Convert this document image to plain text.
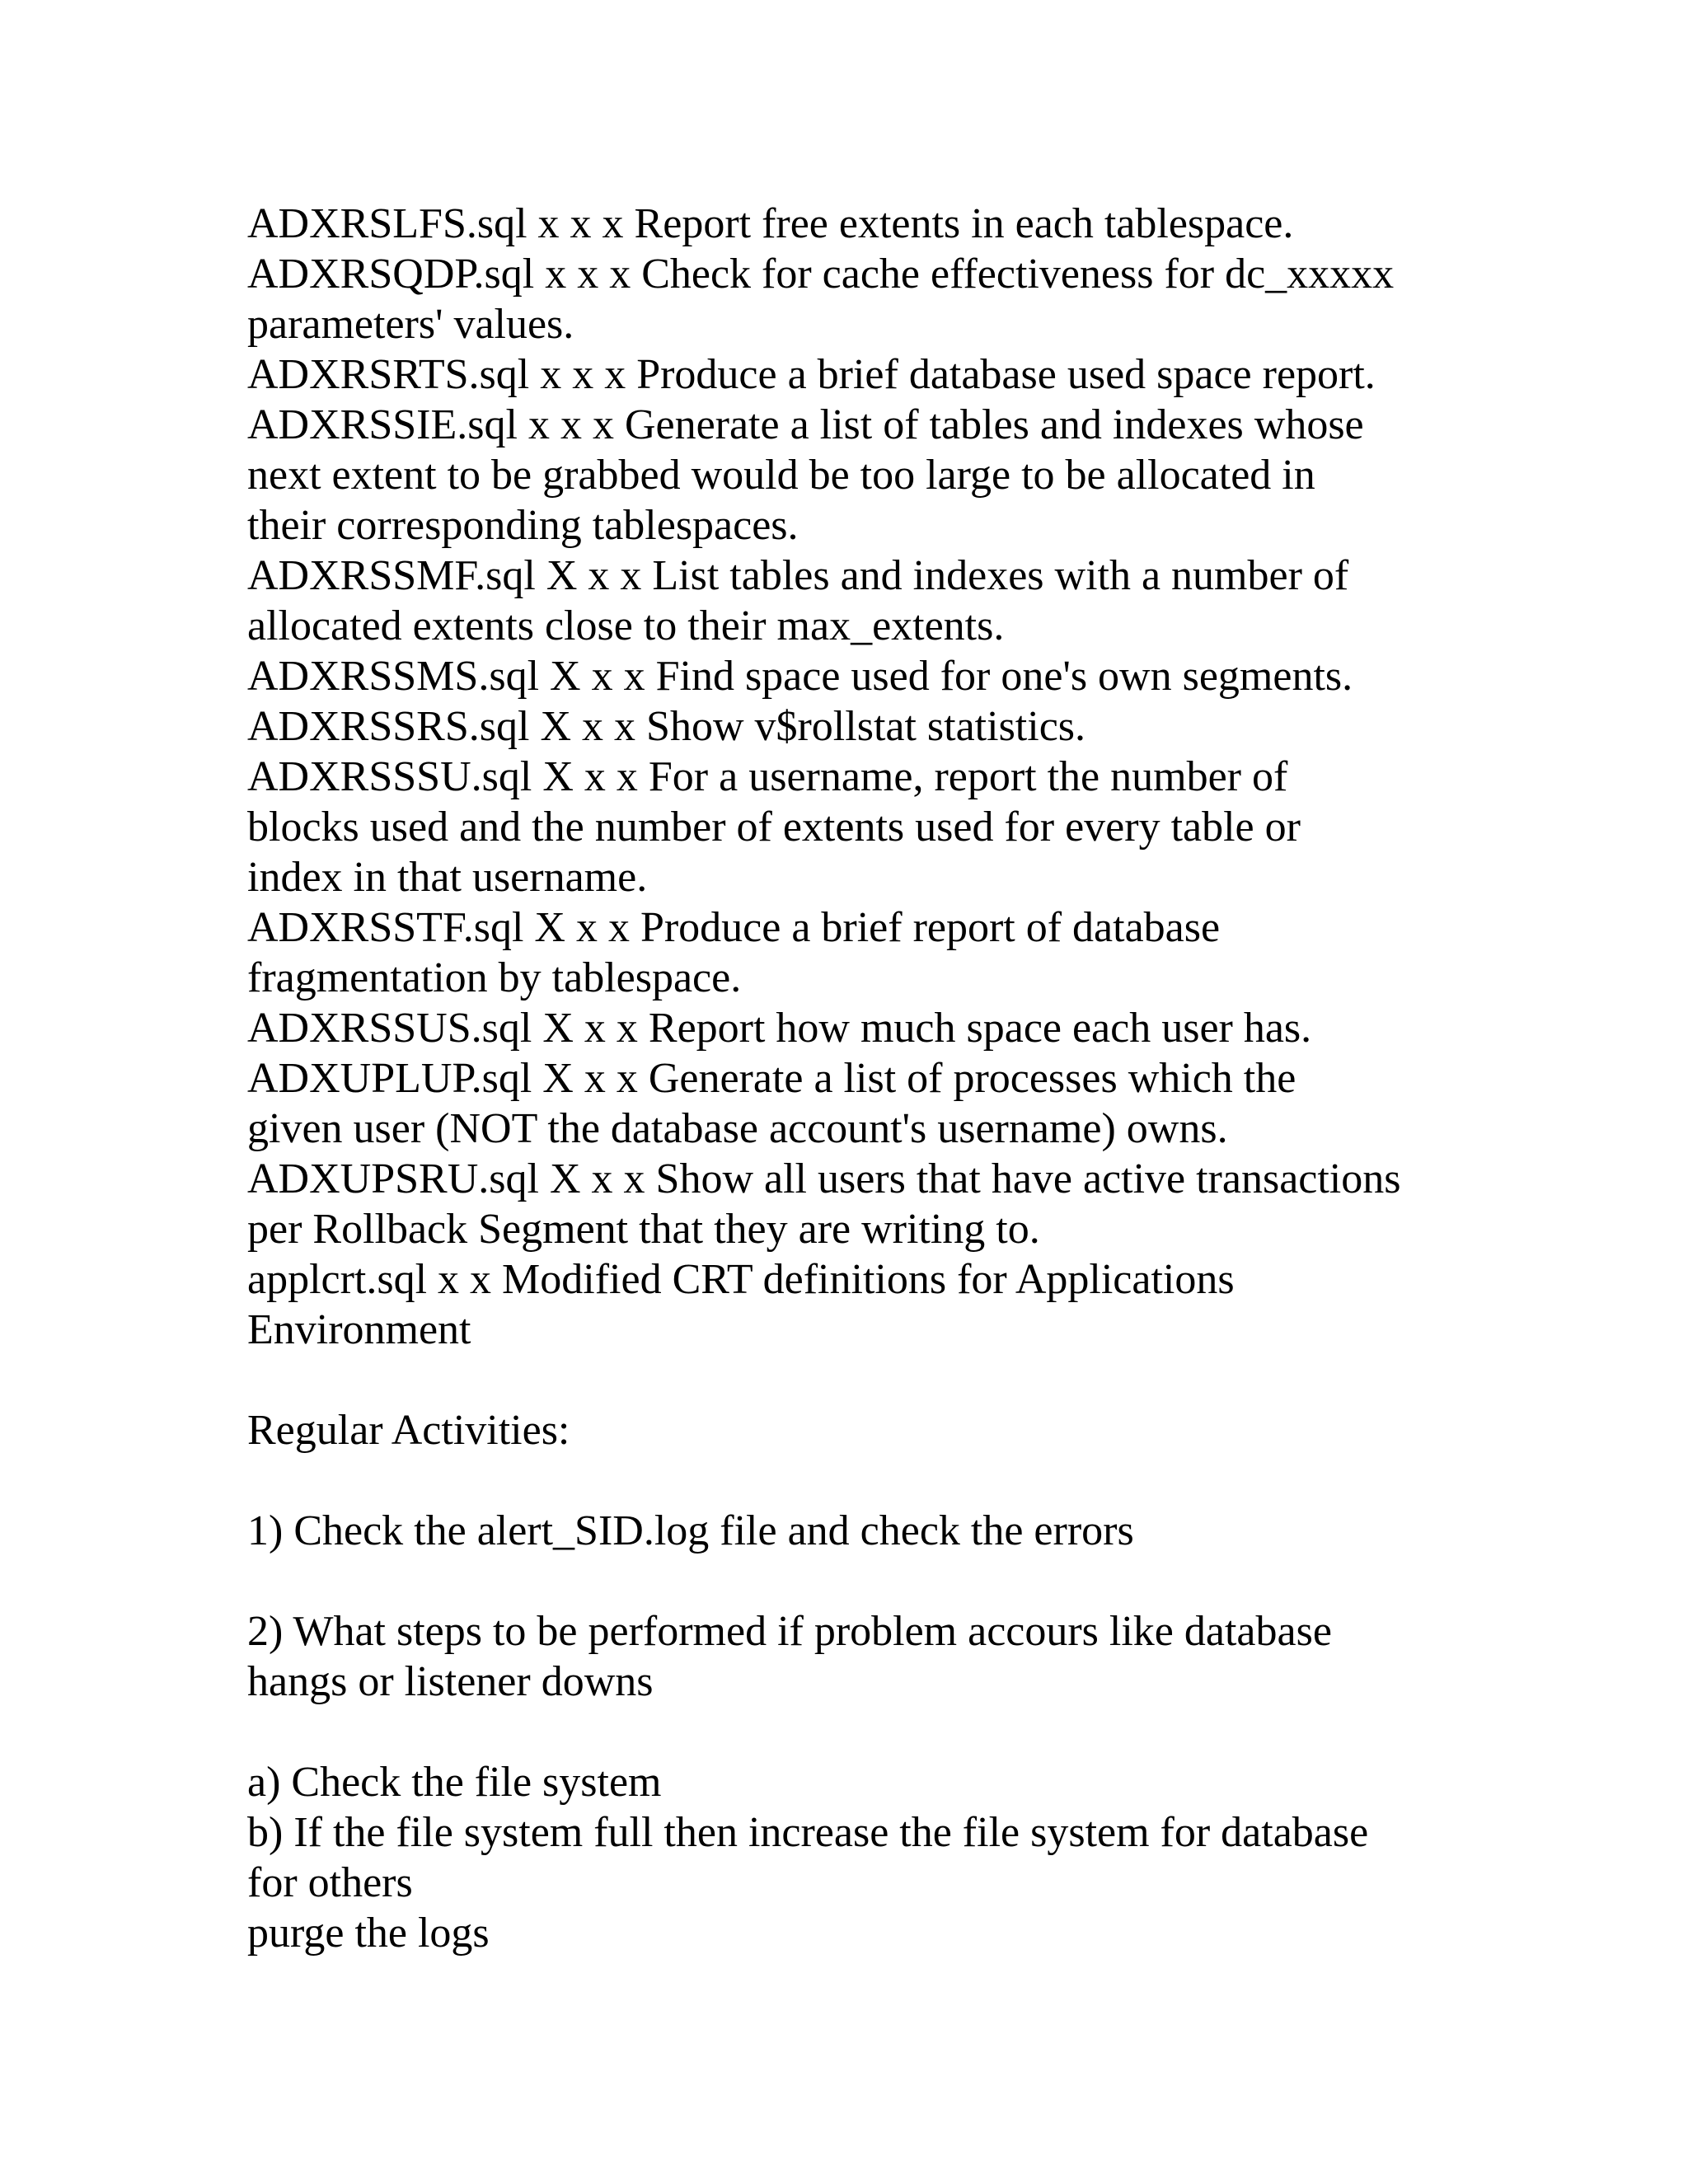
ADXRSLFS.sql x x x Report free extents in each tablespace.
ADXRSQDP.sql x x x Check for cache effectiveness for dc_xxxxx
parameters' values.
ADXRSRTS.sql x x x Produce a brief database used space report.
ADXRSSIE.sql x x x Generate a list of tables and indexes whose
next extent to be grabbed would be too large to be allocated in
their corresponding tablespaces.
ADXRSSMF.sql X x x List tables and indexes with a number of
allocated extents close to their max_extents.
ADXRSSMS.sql X x x Find space used for one's own segments.
ADXRSSRS.sql X x x Show v$rollstat statistics.
ADXRSSSU.sql X x x For a username, report the number of
blocks used and the number of extents used for every table or
index in that username.
ADXRSSTF.sql X x x Produce a brief report of database
fragmentation by tablespace.
ADXRSSUS.sql X x x Report how much space each user has.
ADXUPLUP.sql X x x Generate a list of processes which the
given user (NOT the database account's username) owns.
ADXUPSRU.sql X x x Show all users that have active transactions
per Rollback Segment that they are writing to.
applcrt.sql x x Modified CRT definitions for Applications
Environment
Regular Activities:
1) Check the alert_SID.log file and check the errors
2) What steps to be performed if problem accours like database
hangs or listener downs
a) Check the file system
b) If the file system full then increase the file system for database
for others
purge the logs
